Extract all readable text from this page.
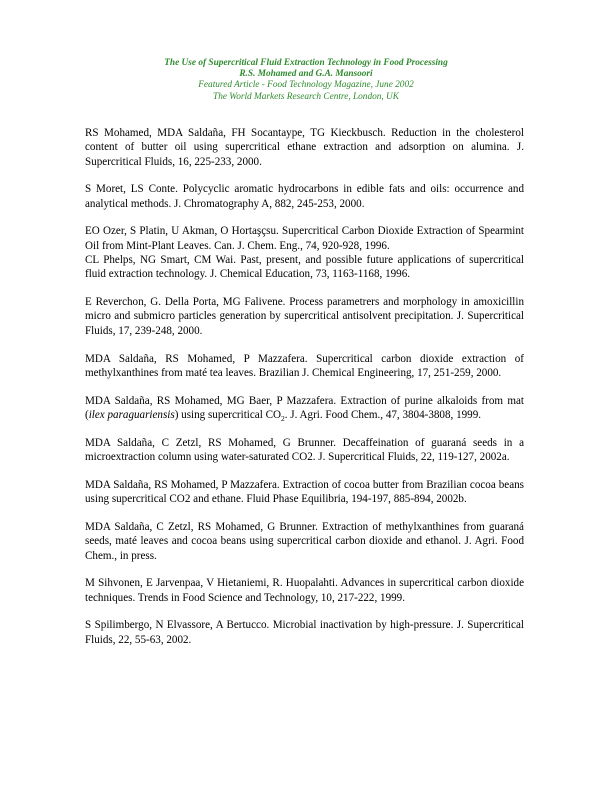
The Use of Supercritical Fluid Extraction Technology in Food Processing
R.S. Mohamed and G.A. Mansoori
Featured Article - Food Technology Magazine, June 2002
The World Markets Research Centre, London, UK

RS Mohamed, MDA Saldaña, FH Socantaype, TG Kieckbusch. Reduction in the cholesterol content of butter oil using supercritical ethane extraction and adsorption on alumina. J. Supercritical Fluids, 16, 225-233, 2000.

S Moret, LS Conte. Polycyclic aromatic hydrocarbons in edible fats and oils: occurrence and analytical methods. J. Chromatography A, 882, 245-253, 2000.

EO Ozer, S Platin, U Akman, O Hortaşçsu. Supercritical Carbon Dioxide Extraction of Spearmint Oil from Mint-Plant Leaves. Can. J. Chem. Eng., 74, 920-928, 1996.

CL Phelps, NG Smart, CM Wai. Past, present, and possible future applications of supercritical fluid extraction technology. J. Chemical Education, 73, 1163-1168, 1996.

E Reverchon, G. Della Porta, MG Falivene. Process parametrers and morphology in amoxicillin micro and submicro particles generation by supercritical antisolvent precipitation. J. Supercritical Fluids, 17, 239-248, 2000.

MDA Saldaña, RS Mohamed, P Mazzafera. Supercritical carbon dioxide extraction of methylxanthines from maté tea leaves. Brazilian J. Chemical Engineering, 17, 251-259, 2000.

MDA Saldaña, RS Mohamed, MG Baer, P Mazzafera. Extraction of purine alkaloids from mat (ilex paraguariensis) using supercritical $CO_2$. J. Agri. Food Chem., 47, 3804-3808, 1999.

MDA Saldaña, C Zetzl, RS Mohamed, G Brunner. Decaffeination of guaraná seeds in a microextraction column using water-saturated CO2. J. Supercritical Fluids, 22, 119-127, 2002a.

MDA Saldaña, RS Mohamed, P Mazzafera. Extraction of cocoa butter from Brazilian cocoa beans using supercritical CO2 and ethane. Fluid Phase Equilibria, 194-197, 885-894, 2002b.

MDA Saldaña, C Zetzl, RS Mohamed, G Brunner. Extraction of methylxanthines from guaraná seeds, maté leaves and cocoa beans using supercritical carbon dioxide and ethanol. J. Agri. Food Chem., in press.

M Sihvonen, E Jarvenpaa, V Hietaniemi, R. Huopalahti. Advances in supercritical carbon dioxide techniques. Trends in Food Science and Technology, 10, 217-222, 1999.

S Spilimbergo, N Elvassore, A Bertucco. Microbial inactivation by high-pressure. J. Supercritical Fluids, 22, 55-63, 2002.
